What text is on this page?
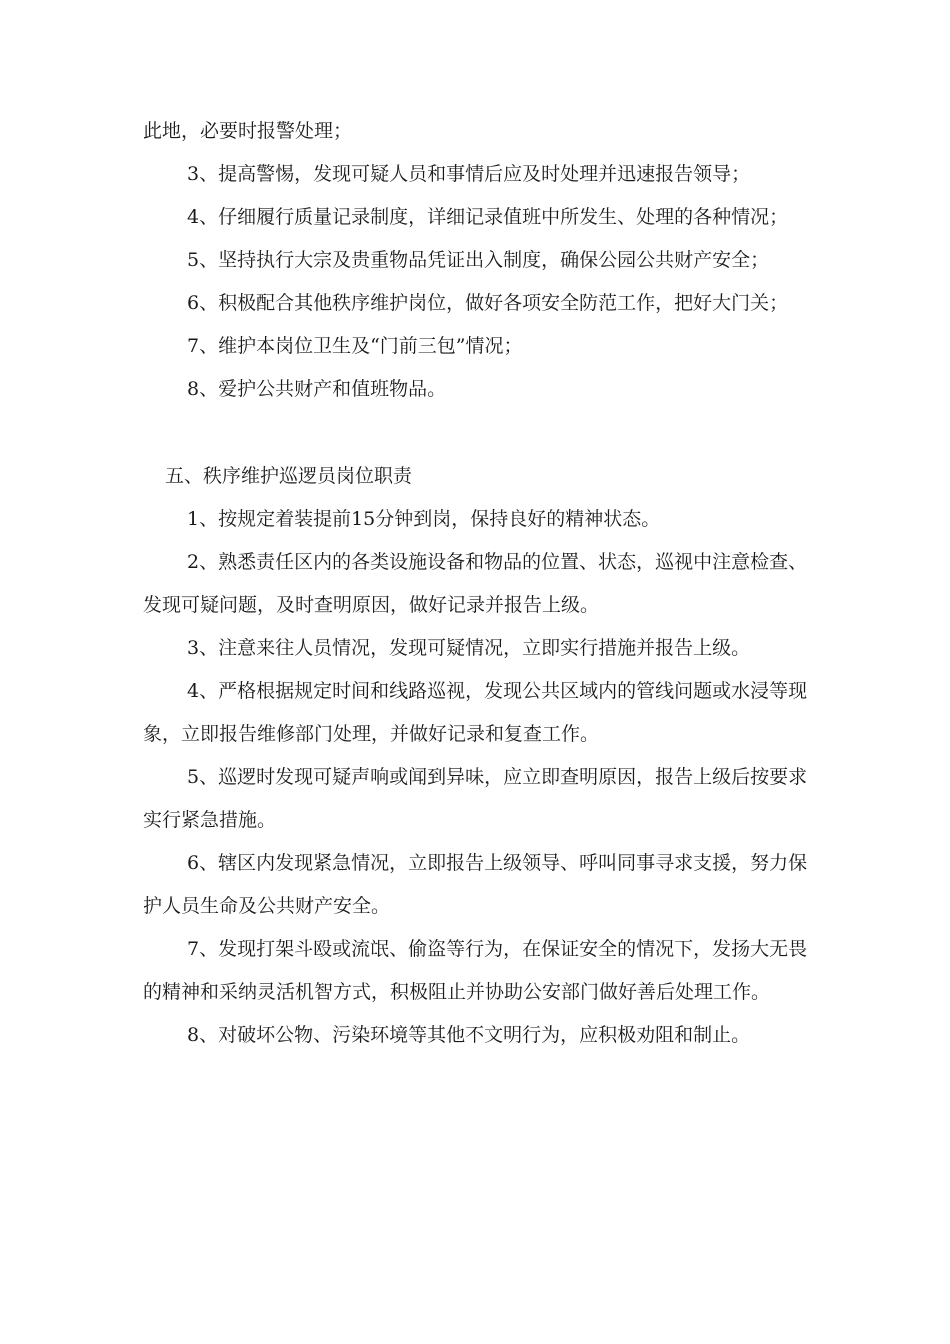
此地，必要时报警处理；

3、提高警惕，发现可疑人员和事情后应及时处理并迅速报告领导；

4、仔细履行质量记录制度，详细记录值班中所发生、处理的各种情况；

5、坚持执行大宗及贵重物品凭证出入制度，确保公园公共财产安全；

6、积极配合其他秩序维护岗位，做好各项安全防范工作，把好大门关；

7、维护本岗位卫生及“门前三包”情况；

8、爱护公共财产和值班物品。

五、秩序维护巡逻员岗位职责

1、按规定着装提前15分钟到岗，保持良好的精神状态。

2、熟悉责任区内的各类设施设备和物品的位置、状态，巡视中注意检查、发现可疑问题，及时查明原因，做好记录并报告上级。

3、注意来往人员情况，发现可疑情况，立即实行措施并报告上级。

4、严格根据规定时间和线路巡视，发现公共区域内的管线问题或水浸等现象，立即报告维修部门处理，并做好记录和复查工作。

5、巡逻时发现可疑声响或闻到异味，应立即查明原因，报告上级后按要求实行紧急措施。

6、辖区内发现紧急情况，立即报告上级领导、呼叫同事寻求支援，努力保护人员生命及公共财产安全。

7、发现打架斗殴或流氓、偷盗等行为，在保证安全的情况下，发扬大无畏的精神和采纳灵活机智方式，积极阻止并协助公安部门做好善后处理工作。

8、对破坏公物、污染环境等其他不文明行为，应积极劝阻和制止。
